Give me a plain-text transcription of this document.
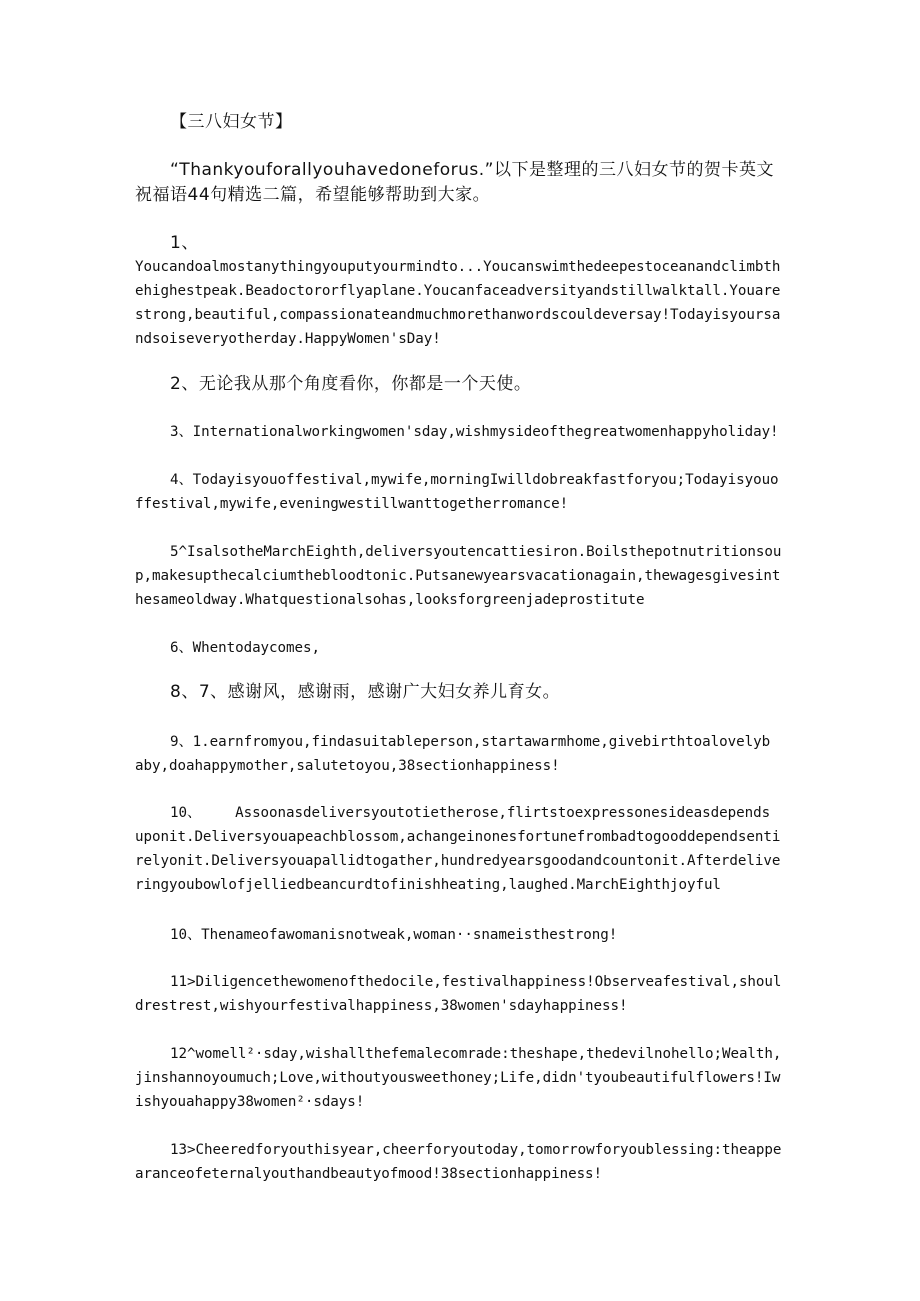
【三八妇女节】
“Thankyouforallyouhavedoneforus.”以下是整理的三八妇女节的贺卡英文
祝福语44句精选二篇，希望能够帮助到大家。
1、
Youcandoalmostanythingyouputyourmindto...Youcanswimthedeepestoceanandclimbth
ehighestpeak.Beadoctororflyaplane.Youcanfaceadversityandstillwalktall.Youare
strong,beautiful,compassionateandmuchmorethanwordscouldeversay!Todayisyoursa
ndsoiseveryotherday.HappyWomen'sDay!
2、无论我从那个角度看你，你都是一个天使。
3、Internationalworkingwomen'sday,wishmysideofthegreatwomenhappyholiday!
4、Todayisyouoffestival,mywife,morningIwilldobreakfastforyou;Todayisyouo
ffestival,mywife,eveningwestillwanttogetherromance!
5^IsalsotheMarchEighth,deliversyoutencattiesiron.Boilsthepotnutritionsou
p,makesupthecalciumthebloodtonic.Putsanewyearsvacationagain,thewagesgivesint
hesameoldway.Whatquestionalsohas,looksforgreenjadeprostitute
6、Whentodaycomes,
8、7、感谢风，感谢雨，感谢广大妇女养儿育女。
9、1.earnfromyou,findasuitableperson,startawarmhome,givebirthtoalovelyb
aby,doahappymother,salutetoyou,38sectionhappiness!
10、    Assoonasdeliversyoutotietherose,flirtstoexpressonesideasdepends
uponit.Deliversyouapeachblossom,achangeinonesfortunefrombadtogooddependsenti
relyonit.Deliversyouapallidtogather,hundredyearsgoodandcountonit.Afterdelive
ringyoubowlofjelliedbeancurdtofinishheating,laughed.MarchEighthjoyful
10、Thenameofawomanisnotweak,woman··snameisthestrong!
11>Diligencethewomenofthedocile,festivalhappiness!Observeafestival,shoul
drestrest,wishyourfestivalhappiness,38women'sdayhappiness!
12^womell²·sday,wishallthefemalecomrade:theshape,thedevilnohello;Wealth,
jinshannoyoumuch;Love,withoutyousweethoney;Life,didn'tyoubeautifulflowers!Iw
ishyouahappy38women²·sdays!
13>Cheeredforyouthisyear,cheerforyoutoday,tomorrowforyoublessing:theappe
aranceofeternalyouthandbeautyofmood!38sectionhappiness!
